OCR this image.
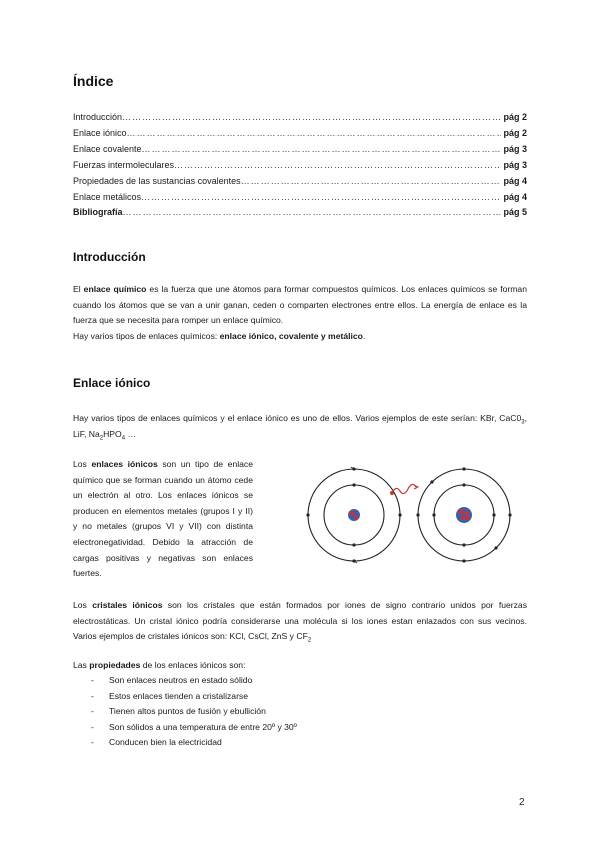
Índice
Introducción ………………………………………………………………………………………………………………………	pág 2
Enlace iónico ………………………………………………………………………………………………………………………	pág 2
Enlace covalente ………………………………………………………………………………………………………………………	pág 3
Fuerzas intermoleculares ………………………………………………………………………………………………………………………	pág 3
Propiedades de las sustancias covalentes ………………………………………………………………………………………………………………………	pág 4
Enlace metálicos ………………………………………………………………………………………………………………………	pág 4
Bibliografía ………………………………………………………………………………………………………………………	pág 5
Introducción

El enlace químico es la fuerza que une átomos para formar compuestos químicos. Los enlaces químicos se forman cuando los átomos que se van a unir ganan, ceden o comparten electrones entre ellos. La energía de enlace es la fuerza que se necesita para romper un enlace químico.
Hay varios tipos de enlaces químicos: enlace iónico, covalente y metálico.

Enlace iónico

Hay varios tipos de enlaces químicos y el enlace iónico es uno de ellos. Varios ejemplos de este serían: KBr, $CaC0_3$, LiF, $Na_2HPO_4$ …

Los enlaces iónicos son un tipo de enlace químico que se forman cuando un átomo cede un electrón al otro. Los enlaces iónicos se producen en elementos metales (grupos I y II) y no metales (grupos VI y VII) con distinta electronegatividad. Debido la atracción de cargas positivas y negativas son enlaces fuertes.

Los cristales iónicos son los cristales que están formados por iones de signo contrario unidos por fuerzas electrostáticas. Un cristal iónico podría considerarse una molécula si los iones estan enlazados con sus vecinos. Varios ejemplos de cristales iónicos son: KCl, CsCl, ZnS y $CF_2$

Las propiedades de los enlaces iónicos son:

- Son enlaces neutros en estado sólido
- Estos enlaces tienden a cristalizarse
- Tienen altos puntos de fusión y ebullición
- Son sólidos a una temperatura de entre 20º y 30º
- Conducen bien la electricidad
2
